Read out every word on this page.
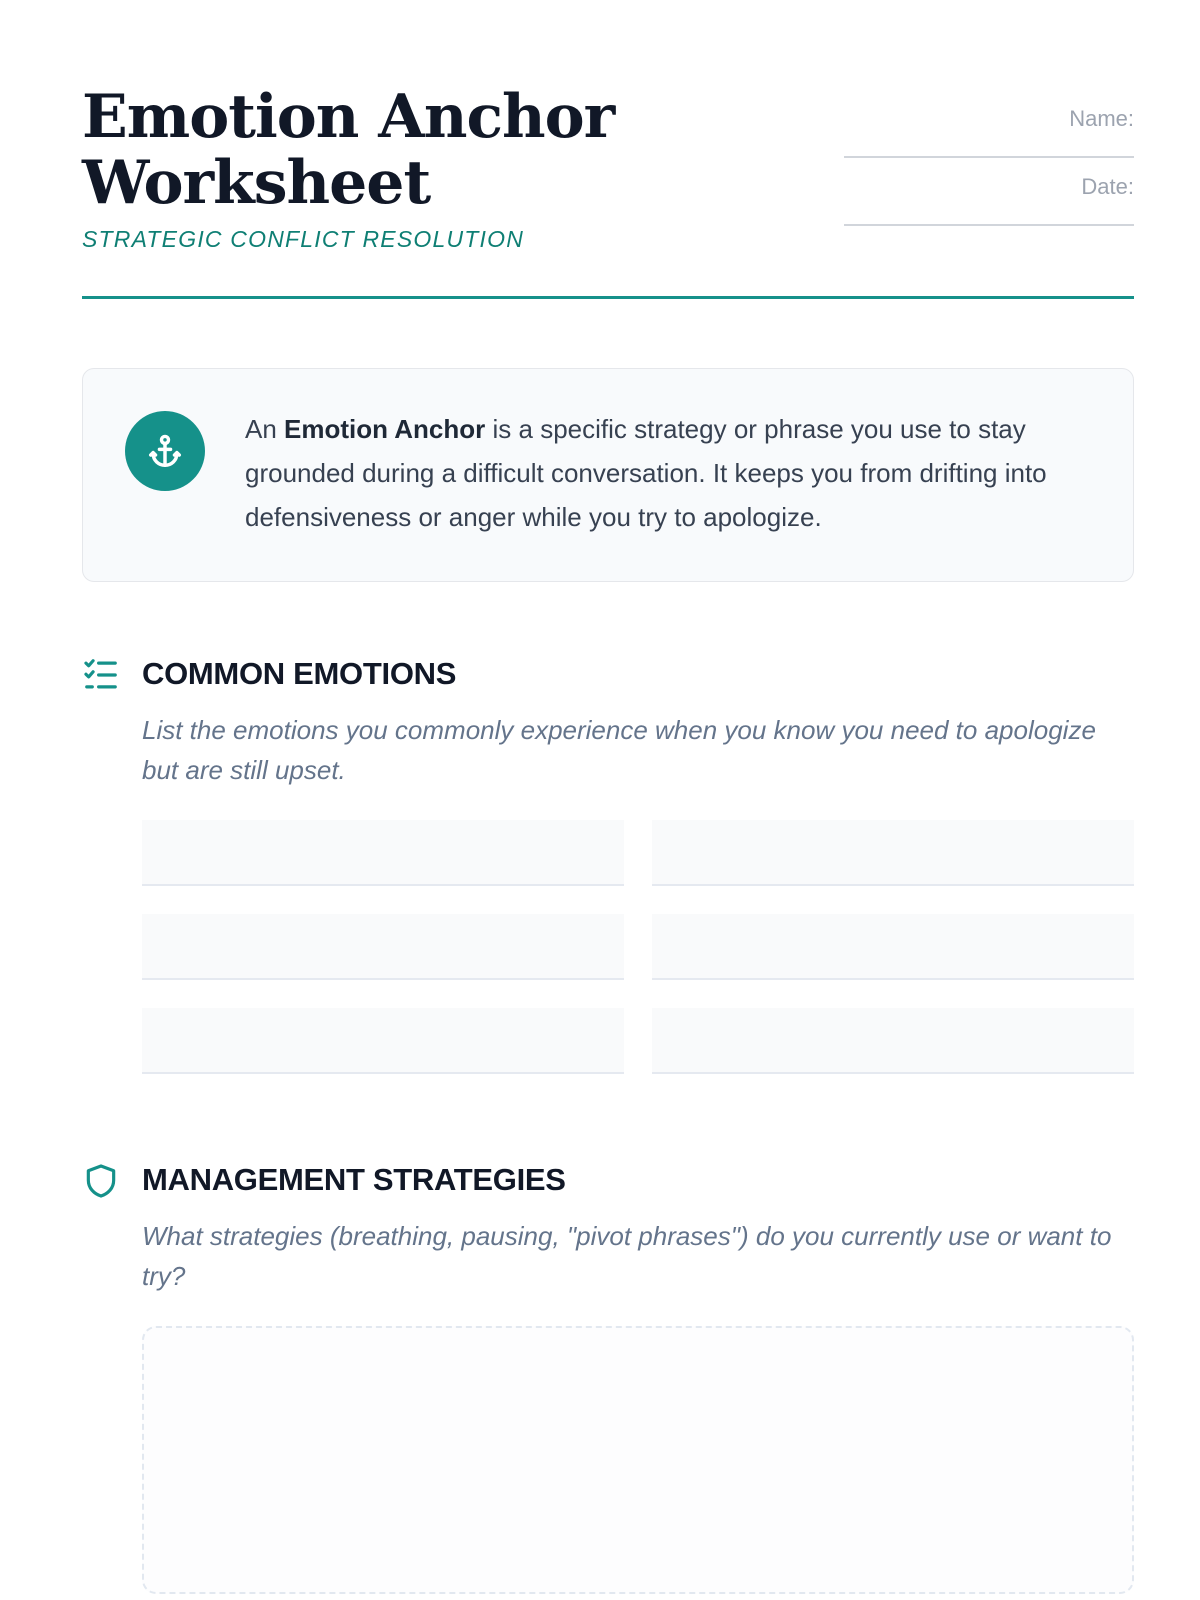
Emotion Anchor
Worksheet
STRATEGIC CONFLICT RESOLUTION
Name:
Date:

An Emotion Anchor is a specific strategy or phrase you use to stay grounded during a difficult conversation. It keeps you from drifting into defensiveness or anger while you try to apologize.

COMMON EMOTIONS

List the emotions you commonly experience when you know you need to apologize but are still upset.

MANAGEMENT STRATEGIES

What strategies (breathing, pausing, "pivot phrases") do you currently use or want to try?
